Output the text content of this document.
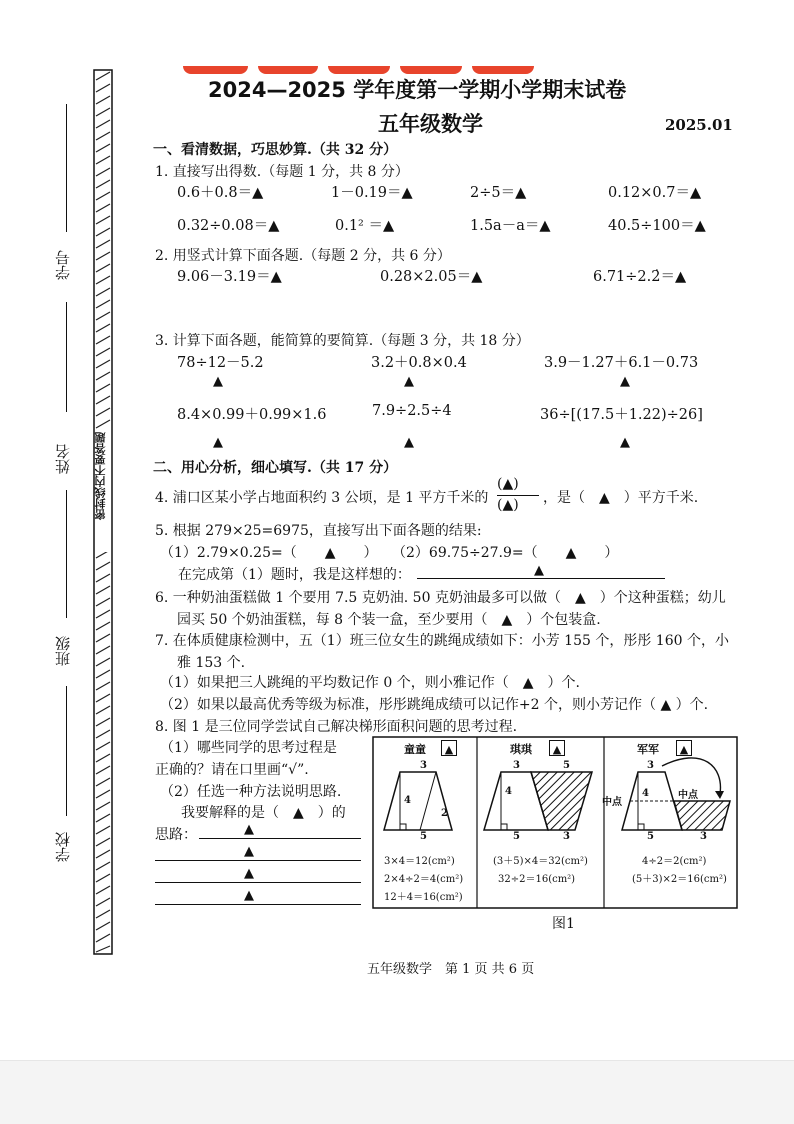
密封线内不要答题
学号
姓名
班级
学校
2024—2025 学年度第一学期小学期末试卷
五年级数学	2025.01
一、看清数据，巧思妙算.（共 32 分）
1. 直接写出得数.（每题 1 分，共 8 分）
0.6＋0.8＝▲	1－0.19＝▲	2÷5＝▲	0.12×0.7＝▲
0.32÷0.08＝▲	0.1² ＝▲	1.5a－a＝▲	40.5÷100＝▲
2. 用竖式计算下面各题.（每题 2 分，共 6 分）
9.06－3.19＝▲	0.28×2.05＝▲	6.71÷2.2̇＝▲
3. 计算下面各题，能简算的要简算.（每题 3 分，共 18 分）
78÷12－5.2	3.2＋0.8×0.4	3.9－1.27＋6.1－0.73
▲	▲	▲
8.4×0.99＋0.99×1.6	7.9÷2.5÷4	36÷[(17.5＋1.22)÷26]
▲	▲	▲
二、用心分析，细心填写.（共 17 分）
4. 浦口区某小学占地面积约 3 公顷，是 1 平方千米的
(▲)
(▲) ，是（　▲　）平方千米.
5. 根据 279×25=6975，直接写出下面各题的结果:
（1）2.79×0.25=（　　▲　　） （2）69.75÷27.9=（　　▲　　）
在完成第（1）题时，我是这样想的：	▲
6. 一种奶油蛋糕做 1 个要用 7.5 克奶油. 50 克奶油最多可以做（　▲　）个这种蛋糕；幼儿
园买 50 个奶油蛋糕，每 8 个装一盒，至少要用（　▲　）个包装盒.
7. 在体质健康检测中，五（1）班三位女生的跳绳成绩如下：小芳 155 个，彤彤 160 个，小
雅 153 个.
（1）如果把三人跳绳的平均数记作 0 个，则小雅记作（　▲　）个.
（2）如果以最高优秀等级为标准，彤彤跳绳成绩可以记作+2 个，则小芳记作（ ▲ ）个.
8. 图 1 是三位同学尝试自己解决梯形面积问题的思考过程.
（1）哪些同学的思考过程是
正确的？请在口里画“√”.
（2）任选一种方法说明思路.
我要解释的是（　▲　）的
思路：	▲
▲
▲
▲
童童	▲	琪琪	▲	军军	▲
3
4
2
5
3	5
4
5	3
3
4
中点
中点
5	3
3×4＝12(cm²)
2×4÷2＝4(cm²)
12＋4＝16(cm²)
(3＋5)×4＝32(cm²)
32÷2＝16(cm²)
4÷2＝2(cm²)
(5＋3)×2＝16(cm²)
图1
五年级数学　第 1 页 共 6 页
